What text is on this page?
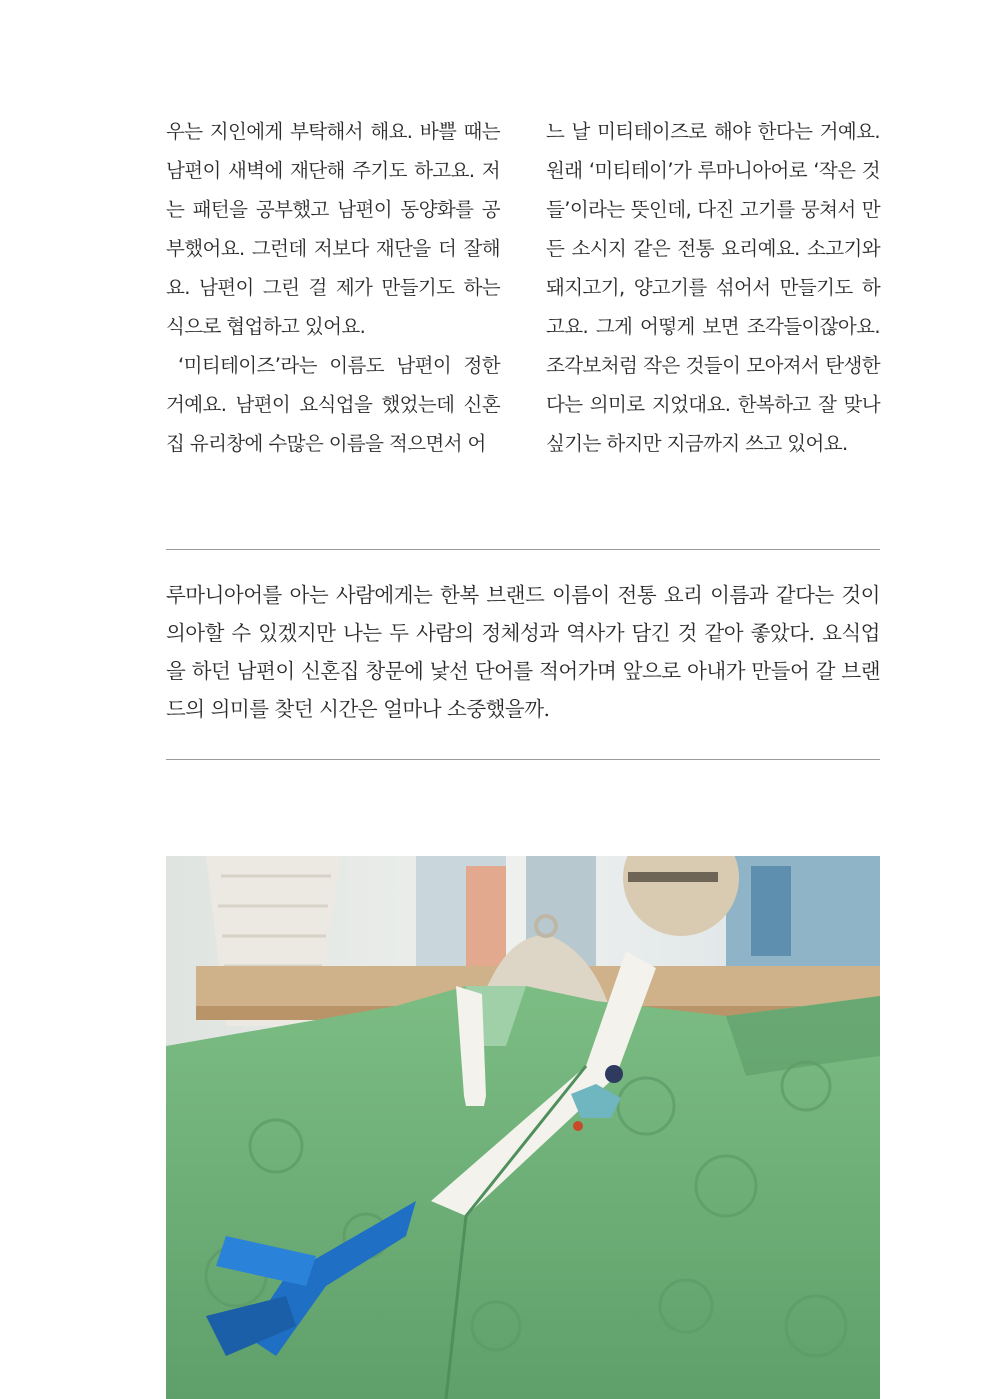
우는 지인에게 부탁해서 해요. 바쁠 때는 남편이 새벽에 재단해 주기도 하고요. 저는 패턴을 공부했고 남편이 동양화를 공부했어요. 그런데 저보다 재단을 더 잘해요. 남편이 그린 걸 제가 만들기도 하는 식으로 협업하고 있어요.

‘미티테이즈’라는 이름도 남편이 정한 거예요. 남편이 요식업을 했었는데 신혼집 유리창에 수많은 이름을 적으면서 어

느 날 미티테이즈로 해야 한다는 거예요. 원래 ‘미티테이’가 루마니아어로 ‘작은 것들’이라는 뜻인데, 다진 고기를 뭉쳐서 만든 소시지 같은 전통 요리예요. 소고기와 돼지고기, 양고기를 섞어서 만들기도 하고요. 그게 어떻게 보면 조각들이잖아요. 조각보처럼 작은 것들이 모아져서 탄생한다는 의미로 지었대요. 한복하고 잘 맞나 싶기는 하지만 지금까지 쓰고 있어요.

루마니아어를 아는 사람에게는 한복 브랜드 이름이 전통 요리 이름과 같다는 것이 의아할 수 있겠지만 나는 두 사람의 정체성과 역사가 담긴 것 같아 좋았다. 요식업을 하던 남편이 신혼집 창문에 낯선 단어를 적어가며 앞으로 아내가 만들어 갈 브랜드의 의미를 찾던 시간은 얼마나 소중했을까.
